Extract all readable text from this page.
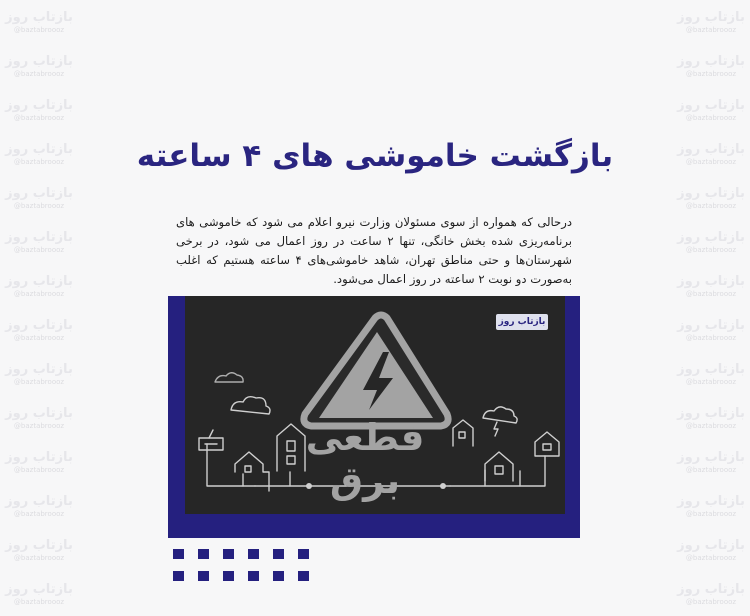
بازتاب روز
@baztabroooz
بازتاب روز
@baztabroooz
بازتاب روز
@baztabroooz
بازتاب روز
@baztabroooz
بازتاب روز
@baztabroooz
بازتاب روز
@baztabroooz
بازتاب روز
@baztabroooz
بازتاب روز
@baztabroooz
بازتاب روز
@baztabroooz
بازتاب روز
@baztabroooz
بازتاب روز
@baztabroooz
بازتاب روز
@baztabroooz
بازتاب روز
@baztabroooz
بازتاب روز
@baztabroooz
بازتاب روز
@baztabroooz
بازتاب روز
@baztabroooz
بازتاب روز
@baztabroooz
بازتاب روز
@baztabroooz
بازتاب روز
@baztabroooz
بازتاب روز
@baztabroooz
بازتاب روز
@baztabroooz
بازتاب روز
@baztabroooz
بازتاب روز
@baztabroooz
بازتاب روز
@baztabroooz
بازتاب روز
@baztabroooz
بازتاب روز
@baztabroooz
بازتاب روز
@baztabroooz
بازتاب روز
@baztabroooz
بازگشت خاموشی های ۴ ساعته
درحالی که همواره از سوی مسئولان وزارت نیرو اعلام می شود که خاموشی های برنامه‌ریزی شده بخش خانگی، تنها ۲ ساعت در روز اعمال می شود، در برخی شهرستان‌ها و حتی مناطق تهران، شاهد خاموشی‌های ۴ ساعته هستیم که اغلب به‌صورت دو نوبت ۲ ساعته در روز اعمال می‌شود.
بازتاب روز
قطعی برق
